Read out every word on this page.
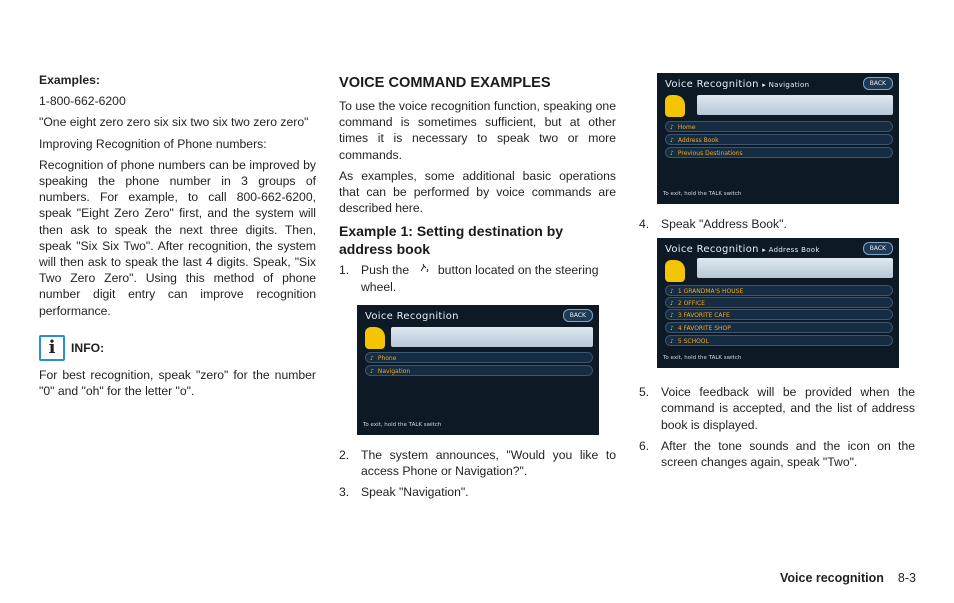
Examples:

1-800-662-6200

"One eight zero zero six six two six two zero zero"

Improving Recognition of Phone numbers:

Recognition of phone numbers can be improved by speaking the phone number in 3 groups of numbers. For example, to call 800-662-6200, speak "Eight Zero Zero" first, and the system will then ask to speak the next three digits. Then, speak "Six Six Two". After recognition, the system will then ask to speak the last 4 digits. Speak, "Six Two Zero Zero". Using this method of phone number digit entry can improve recognition performance.

i INFO:

For best recognition, speak "zero" for the number "0" and "oh" for the letter "o".

VOICE COMMAND EXAMPLES

To use the voice recognition function, speaking one command is sometimes sufficient, but at other times it is necessary to speak two or more commands.

As examples, some additional basic operations that can be performed by voice commands are described here.

Example 1: Setting destination by address book
1. Push the button located on the steering wheel.
Voice Recognition	BACK
♪ Phone
♪ Navigation
To exit, hold the TALK switch
2. The system announces, "Would you like to access Phone or Navigation?".
3. Speak "Navigation".
Voice Recognition ▸ Navigation	BACK
♪ Home
♪ Address Book
♪ Previous Destinations
To exit, hold the TALK switch
4. Speak "Address Book".
Voice Recognition ▸ Address Book	BACK
♪ 1 GRANDMA'S HOUSE
♪ 2 OFFICE
♪ 3 FAVORITE CAFE
♪ 4 FAVORITE SHOP
♪ 5 SCHOOL
To exit, hold the TALK switch
5. Voice feedback will be provided when the command is accepted, and the list of address book is displayed.
6. After the tone sounds and the icon on the screen changes again, speak "Two".
Voice recognition 8-3
